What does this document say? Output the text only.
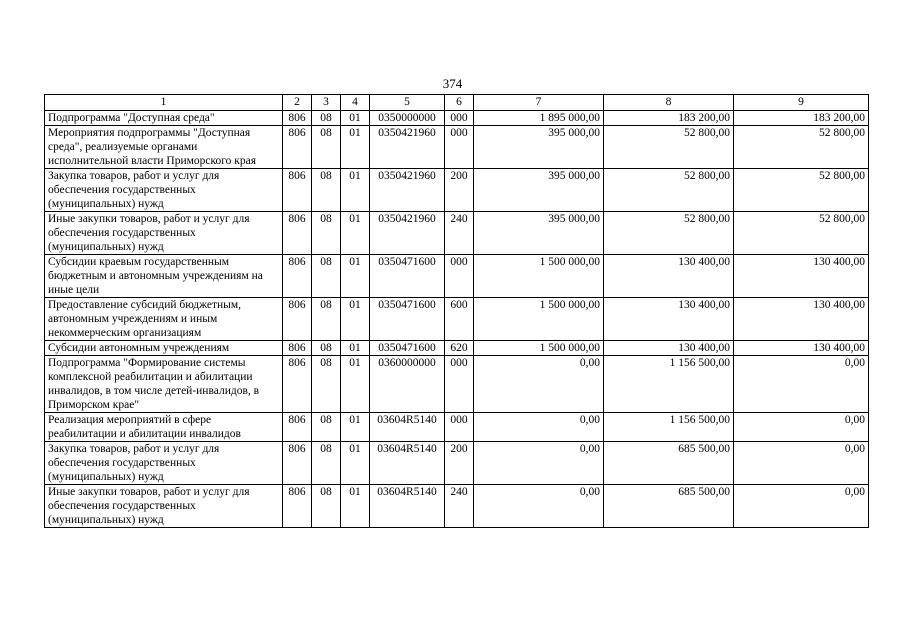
374
1	2	3	4	5	6	7	8	9
Подпрограмма "Доступная среда"	806	08	01	0350000000	000	1 895 000,00	183 200,00	183 200,00
Мероприятия подпрограммы "Доступная среда", реализуемые органами исполнительной власти Приморского края	806	08	01	0350421960	000	395 000,00	52 800,00	52 800,00
Закупка товаров, работ и услуг для обеспечения государственных (муниципальных) нужд	806	08	01	0350421960	200	395 000,00	52 800,00	52 800,00
Иные закупки товаров, работ и услуг для обеспечения государственных (муниципальных) нужд	806	08	01	0350421960	240	395 000,00	52 800,00	52 800,00
Субсидии краевым государственным бюджетным и автономным учреждениям на иные цели	806	08	01	0350471600	000	1 500 000,00	130 400,00	130 400,00
Предоставление субсидий бюджетным, автономным учреждениям и иным некоммерческим организациям	806	08	01	0350471600	600	1 500 000,00	130 400,00	130 400,00
Субсидии автономным учреждениям	806	08	01	0350471600	620	1 500 000,00	130 400,00	130 400,00
Подпрограмма "Формирование системы комплексной реабилитации и абилитации инвалидов, в том числе детей-инвалидов, в Приморском крае"	806	08	01	0360000000	000	0,00	1 156 500,00	0,00
Реализация мероприятий в сфере реабилитации и абилитации инвалидов	806	08	01	03604R5140	000	0,00	1 156 500,00	0,00
Закупка товаров, работ и услуг для обеспечения государственных (муниципальных) нужд	806	08	01	03604R5140	200	0,00	685 500,00	0,00
Иные закупки товаров, работ и услуг для обеспечения государственных (муниципальных) нужд	806	08	01	03604R5140	240	0,00	685 500,00	0,00
